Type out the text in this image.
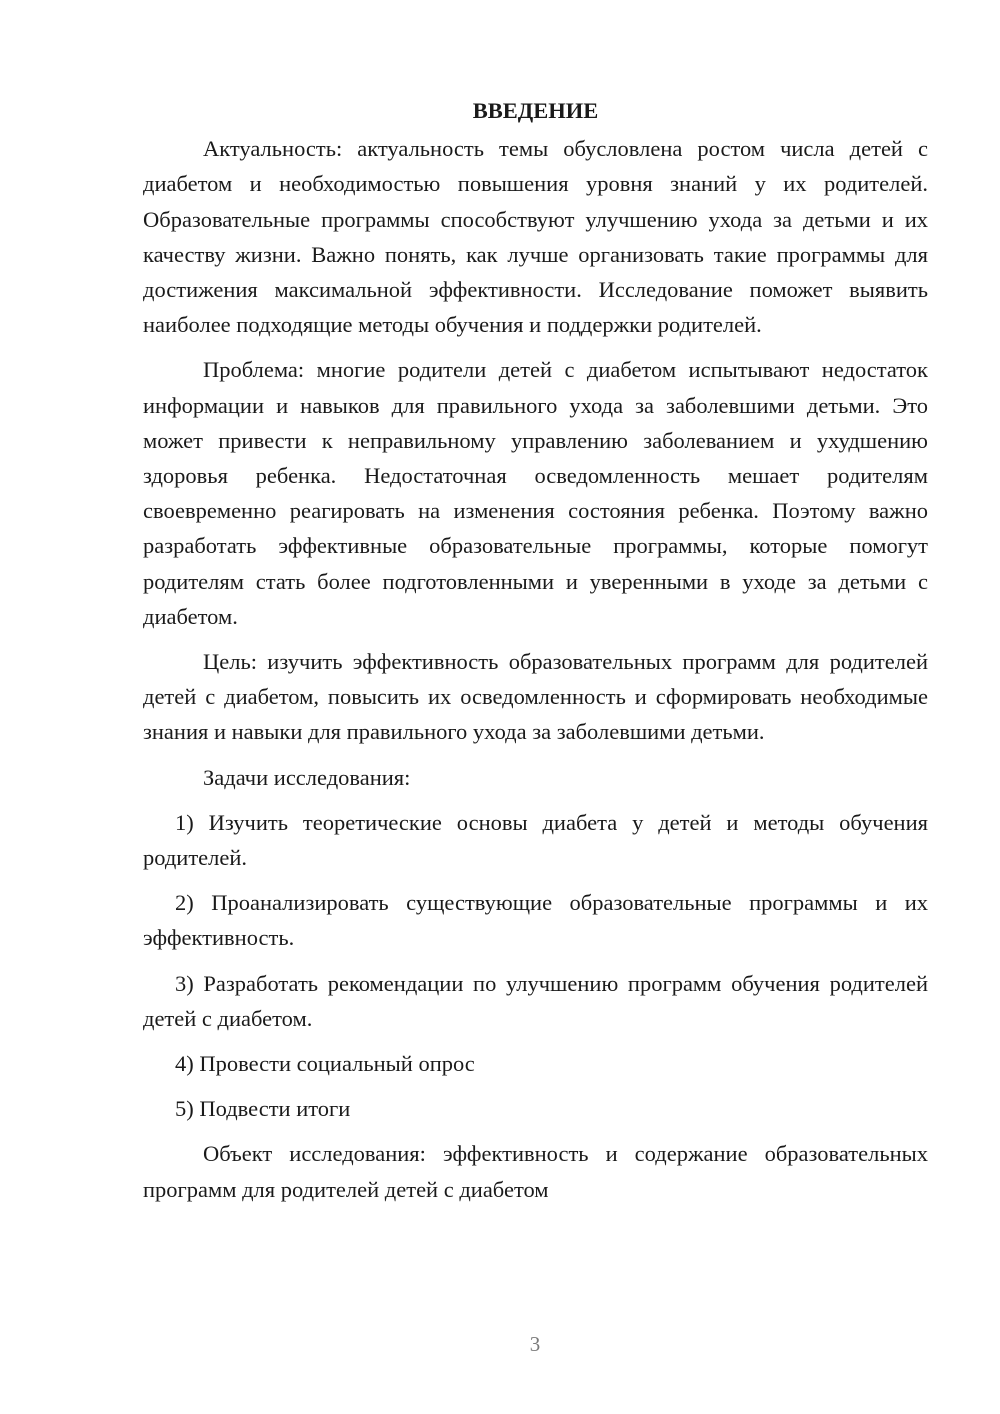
ВВЕДЕНИЕ

Актуальность: актуальность темы обусловлена ростом числа детей с диабетом и необходимостью повышения уровня знаний у их родителей. Образовательные программы способствуют улучшению ухода за детьми и их качеству жизни. Важно понять, как лучше организовать такие программы для достижения максимальной эффективности. Исследование поможет выявить наиболее подходящие методы обучения и поддержки родителей.

Проблема: многие родители детей с диабетом испытывают недостаток информации и навыков для правильного ухода за заболевшими детьми. Это может привести к неправильному управлению заболеванием и ухудшению здоровья ребенка. Недостаточная осведомленность мешает родителям своевременно реагировать на изменения состояния ребенка. Поэтому важно разработать эффективные образовательные программы, которые помогут родителям стать более подготовленными и уверенными в уходе за детьми с диабетом.

Цель: изучить эффективность образовательных программ для родителей детей с диабетом, повысить их осведомленность и сформировать необходимые знания и навыки для правильного ухода за заболевшими детьми.

Задачи исследования:

1) Изучить теоретические основы диабета у детей и методы обучения родителей.

2) Проанализировать существующие образовательные программы и их эффективность.

3) Разработать рекомендации по улучшению программ обучения родителей детей с диабетом.

4) Провести социальный опрос

5) Подвести итоги

Объект исследования: эффективность и содержание образовательных программ для родителей детей с диабетом

3
